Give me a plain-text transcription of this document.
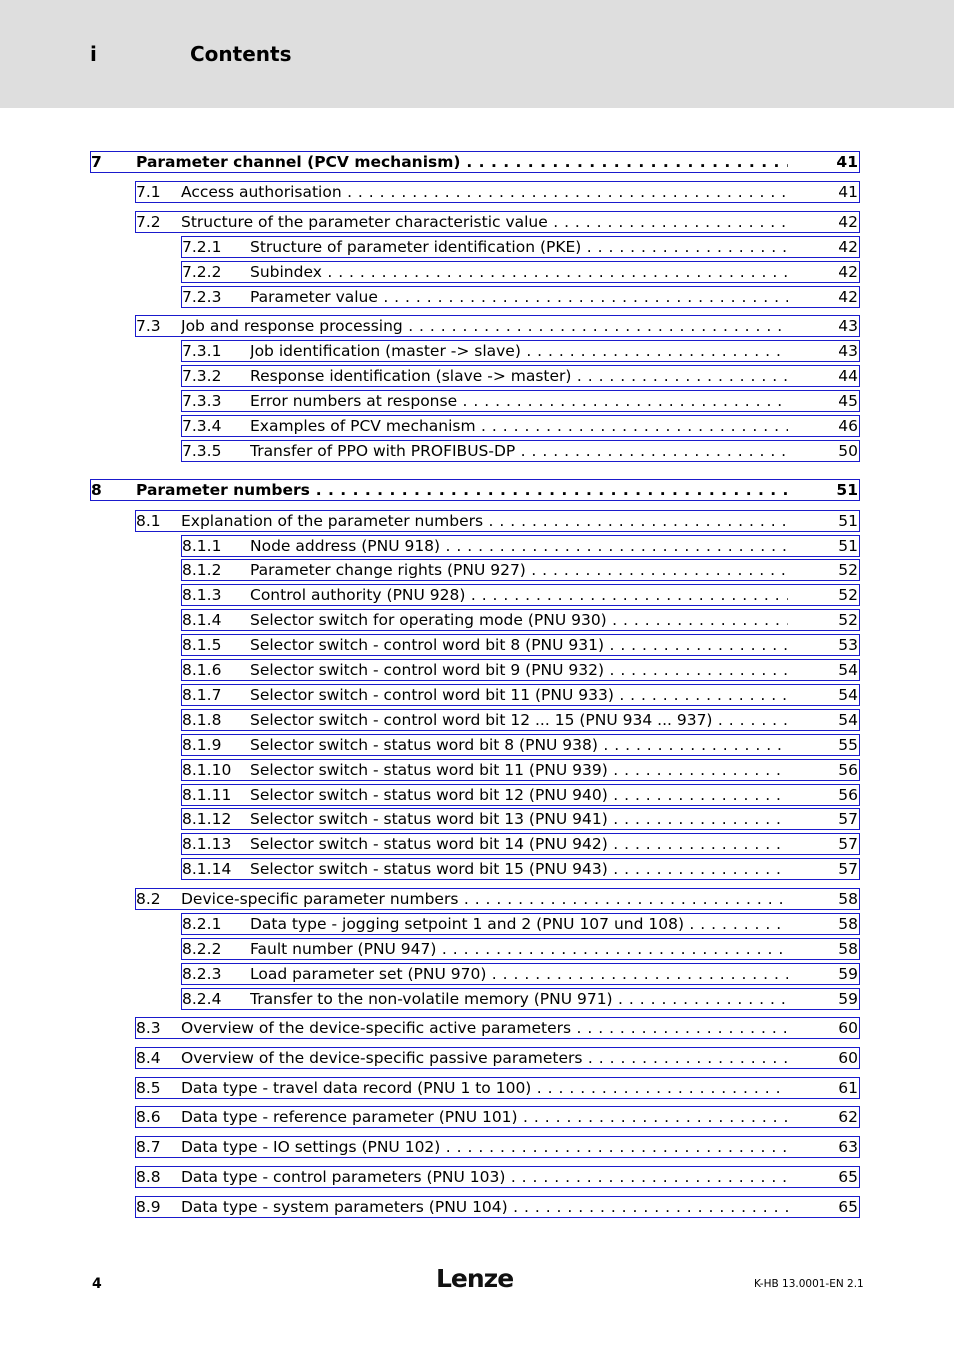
i	Contents
7 Parameter channel (PCV mechanism) . . .	41
7.1 Access authorisation . . .	41
7.2 Structure of the parameter characteristic value . . .	42
7.2.1 Structure of parameter identification (PKE) . . .	42
7.2.2 Subindex . . .	42
7.2.3 Parameter value . . .	42
7.3 Job and response processing . . .	43
7.3.1 Job identification (master -> slave) . . .	43
7.3.2 Response identification (slave -> master) . . .	44
7.3.3 Error numbers at response . . .	45
7.3.4 Examples of PCV mechanism . . .	46
7.3.5 Transfer of PPO with PROFIBUS-DP . . .	50
8 Parameter numbers . . .	51
8.1 Explanation of the parameter numbers . . .	51
8.1.1 Node address (PNU 918) . . .	51
8.1.2 Parameter change rights (PNU 927) . . .	52
8.1.3 Control authority (PNU 928) . . .	52
8.1.4 Selector switch for operating mode (PNU 930) . . .	52
8.1.5 Selector switch - control word bit 8 (PNU 931) . . .	53
8.1.6 Selector switch - control word bit 9 (PNU 932) . . .	54
8.1.7 Selector switch - control word bit 11 (PNU 933) . . .	54
8.1.8 Selector switch - control word bit 12 ... 15 (PNU 934 ... 937) . . .	54
8.1.9 Selector switch - status word bit 8 (PNU 938) . . .	55
8.1.10 Selector switch - status word bit 11 (PNU 939) . . .	56
8.1.11 Selector switch - status word bit 12 (PNU 940) . . .	56
8.1.12 Selector switch - status word bit 13 (PNU 941) . . .	57
8.1.13 Selector switch - status word bit 14 (PNU 942) . . .	57
8.1.14 Selector switch - status word bit 15 (PNU 943) . . .	57
8.2 Device-specific parameter numbers . . .	58
8.2.1 Data type - jogging setpoint 1 and 2 (PNU 107 und 108) . . .	58
8.2.2 Fault number (PNU 947) . . .	58
8.2.3 Load parameter set (PNU 970) . . .	59
8.2.4 Transfer to the non-volatile memory (PNU 971) . . .	59
8.3 Overview of the device-specific active parameters . . .	60
8.4 Overview of the device-specific passive parameters . . .	60
8.5 Data type - travel data record (PNU 1 to 100) . . .	61
8.6 Data type - reference parameter (PNU 101) . . .	62
8.7 Data type - IO settings (PNU 102) . . .	63
8.8 Data type - control parameters (PNU 103) . . .	65
8.9 Data type - system parameters (PNU 104) . . .	65
4	Lenze	K-HB 13.0001-EN 2.1
